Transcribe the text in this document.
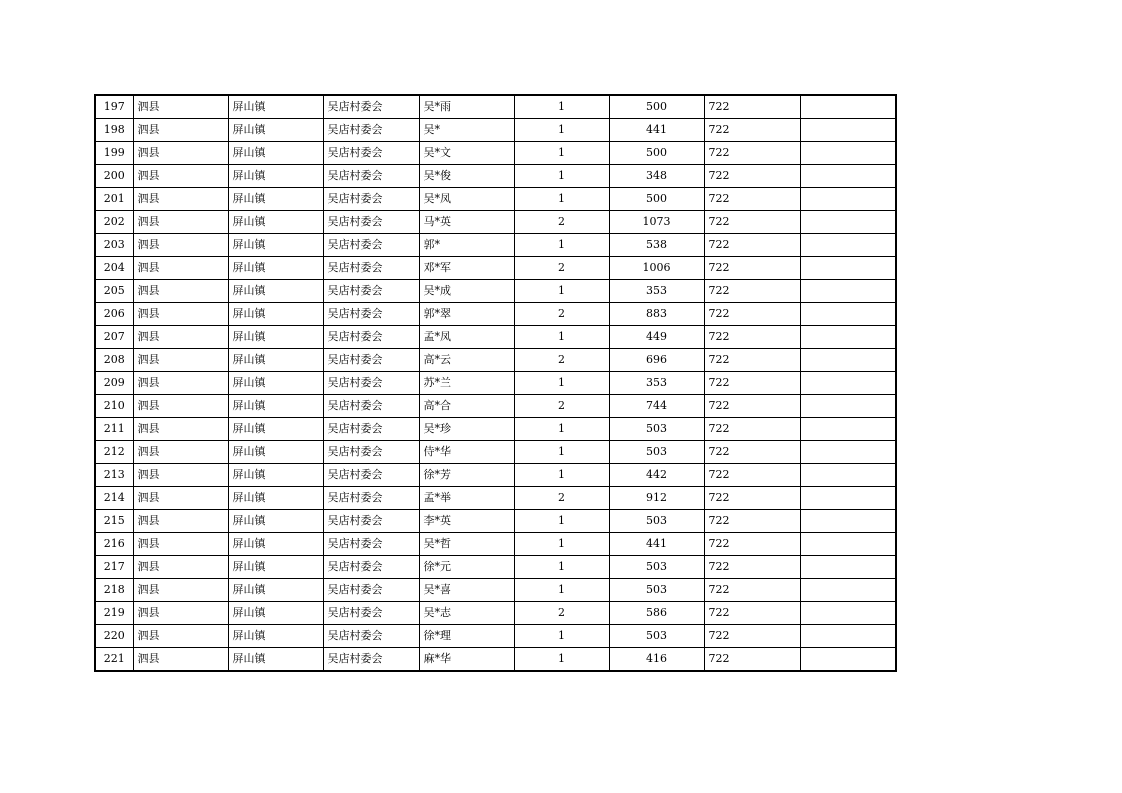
197	泗县	屏山镇	吴店村委会	吴*雨	1	500	722	
198	泗县	屏山镇	吴店村委会	吴*	1	441	722	
199	泗县	屏山镇	吴店村委会	吴*文	1	500	722	
200	泗县	屏山镇	吴店村委会	吴*俊	1	348	722	
201	泗县	屏山镇	吴店村委会	吴*凤	1	500	722	
202	泗县	屏山镇	吴店村委会	马*英	2	1073	722	
203	泗县	屏山镇	吴店村委会	郭*	1	538	722	
204	泗县	屏山镇	吴店村委会	邓*军	2	1006	722	
205	泗县	屏山镇	吴店村委会	吴*成	1	353	722	
206	泗县	屏山镇	吴店村委会	郭*翠	2	883	722	
207	泗县	屏山镇	吴店村委会	孟*凤	1	449	722	
208	泗县	屏山镇	吴店村委会	高*云	2	696	722	
209	泗县	屏山镇	吴店村委会	苏*兰	1	353	722	
210	泗县	屏山镇	吴店村委会	高*合	2	744	722	
211	泗县	屏山镇	吴店村委会	吴*珍	1	503	722	
212	泗县	屏山镇	吴店村委会	侍*华	1	503	722	
213	泗县	屏山镇	吴店村委会	徐*芳	1	442	722	
214	泗县	屏山镇	吴店村委会	孟*举	2	912	722	
215	泗县	屏山镇	吴店村委会	李*英	1	503	722	
216	泗县	屏山镇	吴店村委会	吴*哲	1	441	722	
217	泗县	屏山镇	吴店村委会	徐*元	1	503	722	
218	泗县	屏山镇	吴店村委会	吴*喜	1	503	722	
219	泗县	屏山镇	吴店村委会	吴*志	2	586	722	
220	泗县	屏山镇	吴店村委会	徐*理	1	503	722	
221	泗县	屏山镇	吴店村委会	麻*华	1	416	722	
